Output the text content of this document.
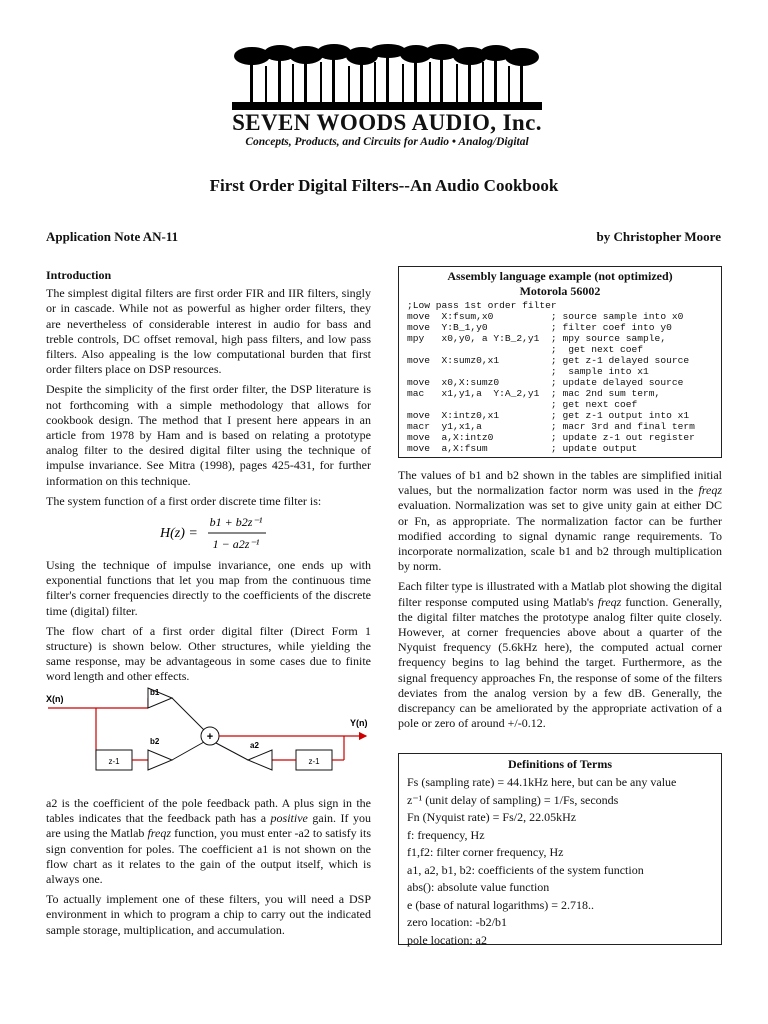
SEVEN WOODS AUDIO, Inc.
Concepts, Products, and Circuits for Audio • Analog/Digital
First Order Digital Filters--An Audio Cookbook
Application Note AN-11	by Christopher Moore
Introduction

The simplest digital filters are first order FIR and IIR filters, singly or in cascade. While not as powerful as higher order filters, they are nevertheless of considerable interest in audio for bass and treble controls, DC offset removal, high pass filters, and low pass filters. Also appealing is the low computational burden that first order filters place on DSP resources.

Despite the simplicity of the first order filter, the DSP literature is not forthcoming with a simple methodology that allows for cookbook design. The method that I present here appears in an article from 1978 by Ham and is based on relating a prototype analog filter to the desired digital filter using the technique of impulse invariance. See Mitra (1998), pages 425-431, for further information on this technique.

The system function of a first order discrete time filter is:

H(z) =
b1 + b2z⁻¹
1 − a2z⁻¹

Using the technique of impulse invariance, one ends up with exponential functions that let you map from the continuous time filter's corner frequencies directly to the coefficients of the discrete time (digital) filter.

The flow chart of a first order digital filter (Direct Form 1 structure) is shown below. Other structures, while yielding the same response, may be advantageous in some cases due to finite word length and other effects.

X(n)
z-1
b1
b2	+
Y(n)
z-1
a2

a2 is the coefficient of the pole feedback path. A plus sign in the tables indicates that the feedback path has a positive gain. If you are using the Matlab freqz function, you must enter -a2 to satisfy its sign convention for poles. The coefficient a1 is not shown on the flow chart as it relates to the gain of the output itself, which is always one.

To actually implement one of these filters, you will need a DSP environment in which to program a chip to carry out the indicated sample storage, multiplication, and accumulation.

Assembly language example (not optimized)
Motorola 56002
;Low pass 1st order filter
move  X:fsum,x0          ; source sample into x0
move  Y:B_1,y0           ; filter coef into y0
mpy   x0,y0, a Y:B_2,y1  ; mpy source sample,
;  get next coef
move  X:sumz0,x1         ; get z-1 delayed source
;  sample into x1
move  x0,X:sumz0         ; update delayed source
mac   x1,y1,a  Y:A_2,y1  ; mac 2nd sum term,
; get next coef
move  X:intz0,x1         ; get z-1 output into x1
macr  y1,x1,a            ; macr 3rd and final term
move  a,X:intz0          ; update z-1 out register
move  a,X:fsum           ; update output

The values of b1 and b2 shown in the tables are simplified initial values, but the normalization factor norm was used in the freqz evaluation. Normalization was set to give unity gain at either DC or Fn, as appropriate. The normalization factor can be further modified according to signal dynamic range requirements. To incorporate normalization, scale b1 and b2 through multiplication by norm.

Each filter type is illustrated with a Matlab plot showing the digital filter response computed using Matlab's freqz function. Generally, the digital filter matches the prototype analog filter quite closely. However, at corner frequencies above about a quarter of the Nyquist frequency (5.6kHz here), the computed actual corner frequency begins to lag behind the target. Furthermore, as the signal frequency approaches Fn, the response of some of the filters deviates from the analog version by a few dB. Generally, the discrepancy can be ameliorated by the appropriate activation of a pole or zero of around +/-0.12.

Definitions of Terms
Fs (sampling rate) = 44.1kHz here, but can be any value
z⁻¹ (unit delay of sampling) = 1/Fs, seconds
Fn (Nyquist rate) = Fs/2, 22.05kHz
f: frequency, Hz
f1,f2: filter corner frequency, Hz
a1, a2, b1, b2: coefficients of the system function
abs(): absolute value function
e (base of natural logarithms) = 2.718..
zero location: -b2/b1
pole location: a2
